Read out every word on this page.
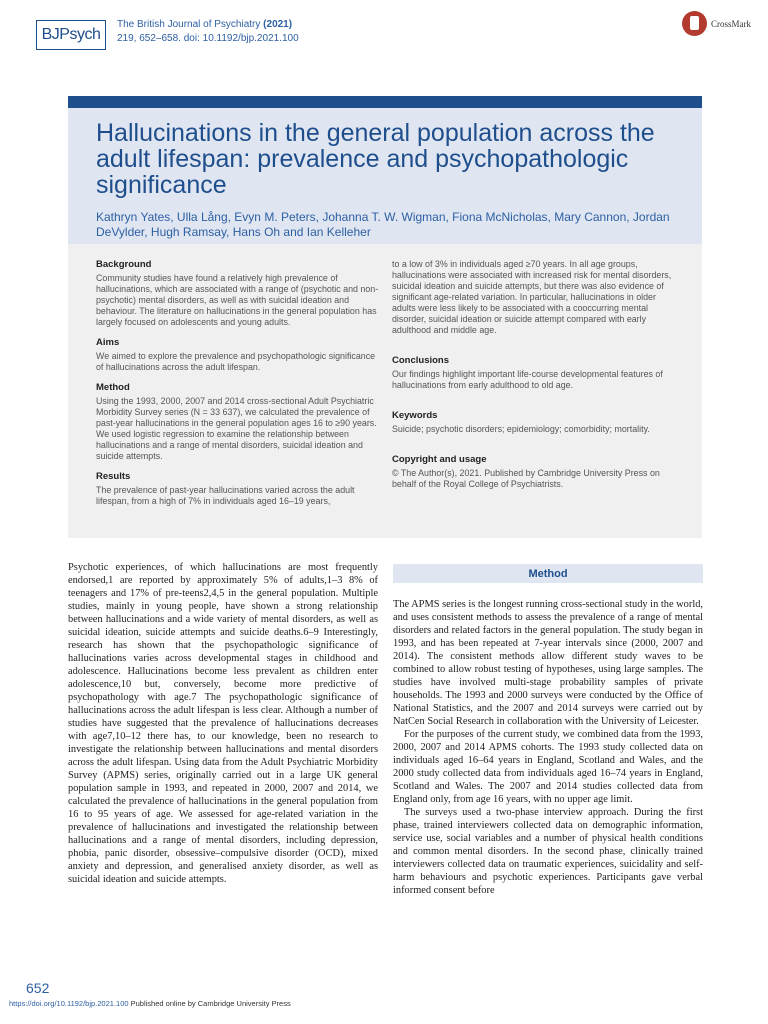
BJPsych
The British Journal of Psychiatry (2021)
219, 652–658. doi: 10.1192/bjp.2021.100
CrossMark
Hallucinations in the general population across the adult lifespan: prevalence and psychopathologic significance
Kathryn Yates, Ulla Lång, Evyn M. Peters, Johanna T. W. Wigman, Fiona McNicholas, Mary Cannon, Jordan DeVylder, Hugh Ramsay, Hans Oh and Ian Kelleher
Background

Community studies have found a relatively high prevalence of hallucinations, which are associated with a range of (psychotic and non-psychotic) mental disorders, as well as with suicidal ideation and behaviour. The literature on hallucinations in the general population has largely focused on adolescents and young adults.

Aims

We aimed to explore the prevalence and psychopathologic significance of hallucinations across the adult lifespan.

Method

Using the 1993, 2000, 2007 and 2014 cross-sectional Adult Psychiatric Morbidity Survey series (N = 33 637), we calculated the prevalence of past-year hallucinations in the general population ages 16 to ≥90 years. We used logistic regression to examine the relationship between hallucinations and a range of mental disorders, suicidal ideation and suicide attempts.

Results

The prevalence of past-year hallucinations varied across the adult lifespan, from a high of 7% in individuals aged 16–19 years,

to a low of 3% in individuals aged ≥70 years. In all age groups, hallucinations were associated with increased risk for mental disorders, suicidal ideation and suicide attempts, but there was also evidence of significant age-related variation. In particular, hallucinations in older adults were less likely to be associated with a cooccurring mental disorder, suicidal ideation or suicide attempt compared with early adulthood and middle age.

Conclusions

Our findings highlight important life-course developmental features of hallucinations from early adulthood to old age.

Keywords

Suicide; psychotic disorders; epidemiology; comorbidity; mortality.

Copyright and usage

© The Author(s), 2021. Published by Cambridge University Press on behalf of the Royal College of Psychiatrists.

Psychotic experiences, of which hallucinations are most frequently endorsed,1 are reported by approximately 5% of adults,1–3 8% of teenagers and 17% of pre-teens2,4,5 in the general population. Multiple studies, mainly in young people, have shown a strong relationship between hallucinations and a wide variety of mental disorders, as well as suicidal ideation, suicide attempts and suicide deaths.6–9 Interestingly, research has shown that the psychopathologic significance of hallucinations varies across developmental stages in childhood and adolescence. Hallucinations become less prevalent as children enter adolescence,10 but, conversely, become more predictive of psychopathology with age.7 The psychopathologic significance of hallucinations across the adult lifespan is less clear. Although a number of studies have suggested that the prevalence of hallucinations decreases with age7,10–12 there has, to our knowledge, been no research to investigate the relationship between hallucinations and mental disorders across the adult lifespan. Using data from the Adult Psychiatric Morbidity Survey (APMS) series, originally carried out in a large UK general population sample in 1993, and repeated in 2000, 2007 and 2014, we calculated the prevalence of hallucinations in the general population from 16 to 95 years of age. We assessed for age-related variation in the prevalence of hallucinations and investigated the relationship between hallucinations and a range of mental disorders, including depression, phobia, panic disorder, obsessive–compulsive disorder (OCD), mixed anxiety and depression, and generalised anxiety disorder, as well as suicidal ideation and suicide attempts.

Method

The APMS series is the longest running cross-sectional study in the world, and uses consistent methods to assess the prevalence of a range of mental disorders and related factors in the general population. The study began in 1993, and has been repeated at 7-year intervals since (2000, 2007 and 2014). The consistent methods allow different study waves to be combined to allow robust testing of hypotheses, using large samples. The studies have involved multi-stage probability samples of private households. The 1993 and 2000 surveys were conducted by the Office of National Statistics, and the 2007 and 2014 surveys were carried out by NatCen Social Research in collaboration with the University of Leicester.

For the purposes of the current study, we combined data from the 1993, 2000, 2007 and 2014 APMS cohorts. The 1993 study collected data on individuals aged 16–64 years in England, Scotland and Wales, and the 2000 study collected data from individuals aged 16–74 years in England, Scotland and Wales. The 2007 and 2014 studies collected data from England only, from age 16 years, with no upper age limit.

The surveys used a two-phase interview approach. During the first phase, trained interviewers collected data on demographic information, service use, social variables and a number of physical health conditions and common mental disorders. In the second phase, clinically trained interviewers collected data on traumatic experiences, suicidality and self-harm behaviours and psychotic experiences. Participants gave verbal informed consent before

652
https://doi.org/10.1192/bjp.2021.100 Published online by Cambridge University Press
